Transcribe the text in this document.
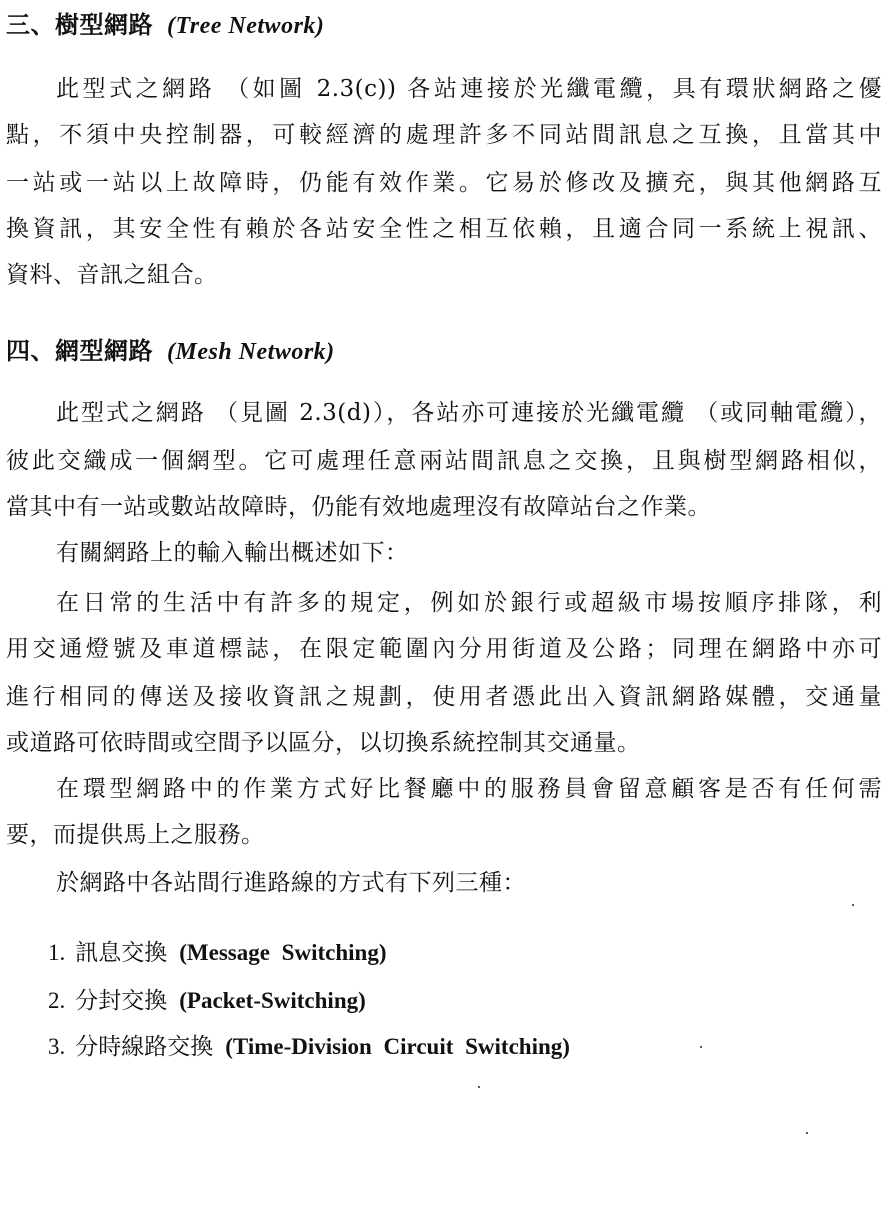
三、樹型網路 (Tree Network)
此型式之網路 （如圖 2.3(c)) 各站連接於光纖電纜，具有環狀網路之優
點，不須中央控制器，可較經濟的處理許多不同站間訊息之互換，且當其中
一站或一站以上故障時，仍能有效作業。它易於修改及擴充，與其他網路互
換資訊，其安全性有賴於各站安全性之相互依賴，且適合同一系統上視訊、
資料、音訊之組合。
四、網型網路 (Mesh Network)
此型式之網路 （見圖 2.3(d)），各站亦可連接於光纖電纜 （或同軸電纜），
彼此交織成一個網型。它可處理任意兩站間訊息之交換，且與樹型網路相似，
當其中有一站或數站故障時，仍能有效地處理沒有故障站台之作業。
有關網路上的輸入輸出概述如下：
在日常的生活中有許多的規定，例如於銀行或超級市場按順序排隊，利
用交通燈號及車道標誌，在限定範圍內分用街道及公路；同理在網路中亦可
進行相同的傳送及接收資訊之規劃，使用者憑此出入資訊網路媒體，交通量
或道路可依時間或空間予以區分，以切換系統控制其交通量。
在環型網路中的作業方式好比餐廳中的服務員會留意顧客是否有任何需
要，而提供馬上之服務。
於網路中各站間行進路線的方式有下列三種：
1. 訊息交換 (Message Switching)
2. 分封交換 (Packet-Switching)
3. 分時線路交換 (Time-Division Circuit Switching)
